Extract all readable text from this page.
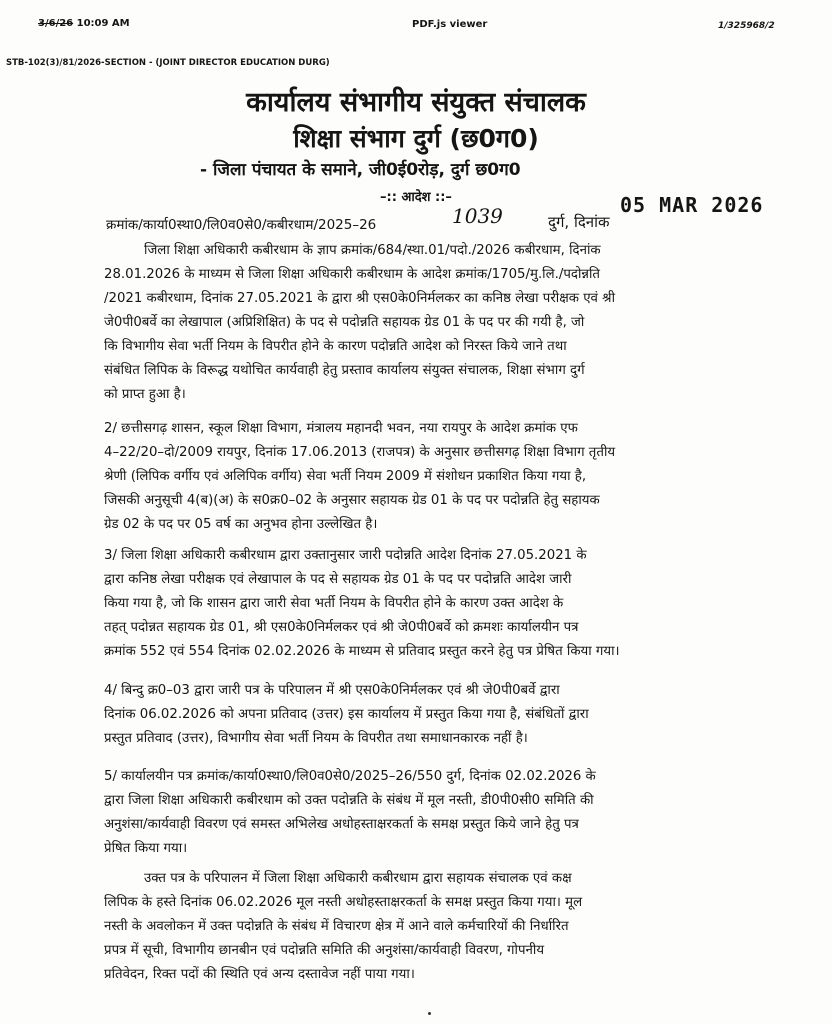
3/6/26 10:09 AM	PDF.js viewer	1/325968/2
STB-102(3)/81/2026-SECTION - (JOINT DIRECTOR EDUCATION DURG)
कार्यालय संभागीय संयुक्त संचालक
शिक्षा संभाग दुर्ग (छ0ग0)
- जिला पंचायत के समाने, जी0ई0रोड़, दुर्ग छ0ग0
–:: आदेश ::–
क्रमांक/कार्या0स्था0/लि0व0से0/कबीरधाम/2025–26	1039	दुर्ग, दिनांक
05 MAR 2026
जिला शिक्षा अधिकारी कबीरधाम के ज्ञाप क्रमांक/684/स्था.01/पदो./2026 कबीरधाम, दिनांक
28.01.2026 के माध्यम से जिला शिक्षा अधिकारी कबीरधाम के आदेश क्रमांक/1705/मु.लि./पदोन्नति
/2021 कबीरधाम, दिनांक 27.05.2021 के द्वारा श्री एस0के0निर्मलकर का कनिष्ठ लेखा परीक्षक एवं श्री
जे0पी0बर्वे का लेखापाल (अप्रिशिक्षित) के पद से पदोन्नति सहायक ग्रेड 01 के पद पर की गयी है, जो
कि विभागीय सेवा भर्ती नियम के विपरीत होने के कारण पदोन्नति आदेश को निरस्त किये जाने तथा
संबंधित लिपिक के विरूद्ध यथोचित कार्यवाही हेतु प्रस्ताव कार्यालय संयुक्त संचालक, शिक्षा संभाग दुर्ग
को प्राप्त हुआ है।
2/ छत्तीसगढ़ शासन, स्कूल शिक्षा विभाग, मंत्रालय महानदी भवन, नया रायपुर के आदेश क्रमांक एफ
4–22/20–दो/2009 रायपुर, दिनांक 17.06.2013 (राजपत्र) के अनुसार छत्तीसगढ़ शिक्षा विभाग तृतीय
श्रेणी (लिपिक वर्गीय एवं अलिपिक वर्गीय) सेवा भर्ती नियम 2009 में संशोधन प्रकाशित किया गया है,
जिसकी अनुसूची 4(ब)(अ) के स0क्र0–02 के अनुसार सहायक ग्रेड 01 के पद पर पदोन्नति हेतु सहायक
ग्रेड 02 के पद पर 05 वर्ष का अनुभव होना उल्लेखित है।
3/ जिला शिक्षा अधिकारी कबीरधाम द्वारा उक्तानुसार जारी पदोन्नति आदेश दिनांक 27.05.2021 के
द्वारा कनिष्ठ लेखा परीक्षक एवं लेखापाल के पद से सहायक ग्रेड 01 के पद पर पदोन्नति आदेश जारी
किया गया है, जो कि शासन द्वारा जारी सेवा भर्ती नियम के विपरीत होने के कारण उक्त आदेश के
तहत् पदोन्नत सहायक ग्रेड 01, श्री एस0के0निर्मलकर एवं श्री जे0पी0बर्वे को क्रमशः कार्यालयीन पत्र
क्रमांक 552 एवं 554 दिनांक 02.02.2026 के माध्यम से प्रतिवाद प्रस्तुत करने हेतु पत्र प्रेषित किया गया।
4/ बिन्दु क्र0–03 द्वारा जारी पत्र के परिपालन में श्री एस0के0निर्मलकर एवं श्री जे0पी0बर्वे द्वारा
दिनांक 06.02.2026 को अपना प्रतिवाद (उत्तर) इस कार्यालय में प्रस्तुत किया गया है, संबंधितों द्वारा
प्रस्तुत प्रतिवाद (उत्तर), विभागीय सेवा भर्ती नियम के विपरीत तथा समाधानकारक नहीं है।
5/ कार्यालयीन पत्र क्रमांक/कार्या0स्था0/लि0व0से0/2025–26/550 दुर्ग, दिनांक 02.02.2026 के
द्वारा जिला शिक्षा अधिकारी कबीरधाम को उक्त पदोन्नति के संबंध में मूल नस्ती, डी0पी0सी0 समिति की
अनुशंसा/कार्यवाही विवरण एवं समस्त अभिलेख अधोहस्ताक्षरकर्ता के समक्ष प्रस्तुत किये जाने हेतु पत्र
प्रेषित किया गया।
उक्त पत्र के परिपालन में जिला शिक्षा अधिकारी कबीरधाम द्वारा सहायक संचालक एवं कक्ष
लिपिक के हस्ते दिनांक 06.02.2026 मूल नस्ती अधोहस्ताक्षरकर्ता के समक्ष प्रस्तुत किया गया। मूल
नस्ती के अवलोकन में उक्त पदोन्नति के संबंध में विचारण क्षेत्र में आने वाले कर्मचारियों की निर्धारित
प्रपत्र में सूची, विभागीय छानबीन एवं पदोन्नति समिति की अनुशंसा/कार्यवाही विवरण, गोपनीय
प्रतिवेदन, रिक्त पदों की स्थिति एवं अन्य दस्तावेज नहीं पाया गया।
